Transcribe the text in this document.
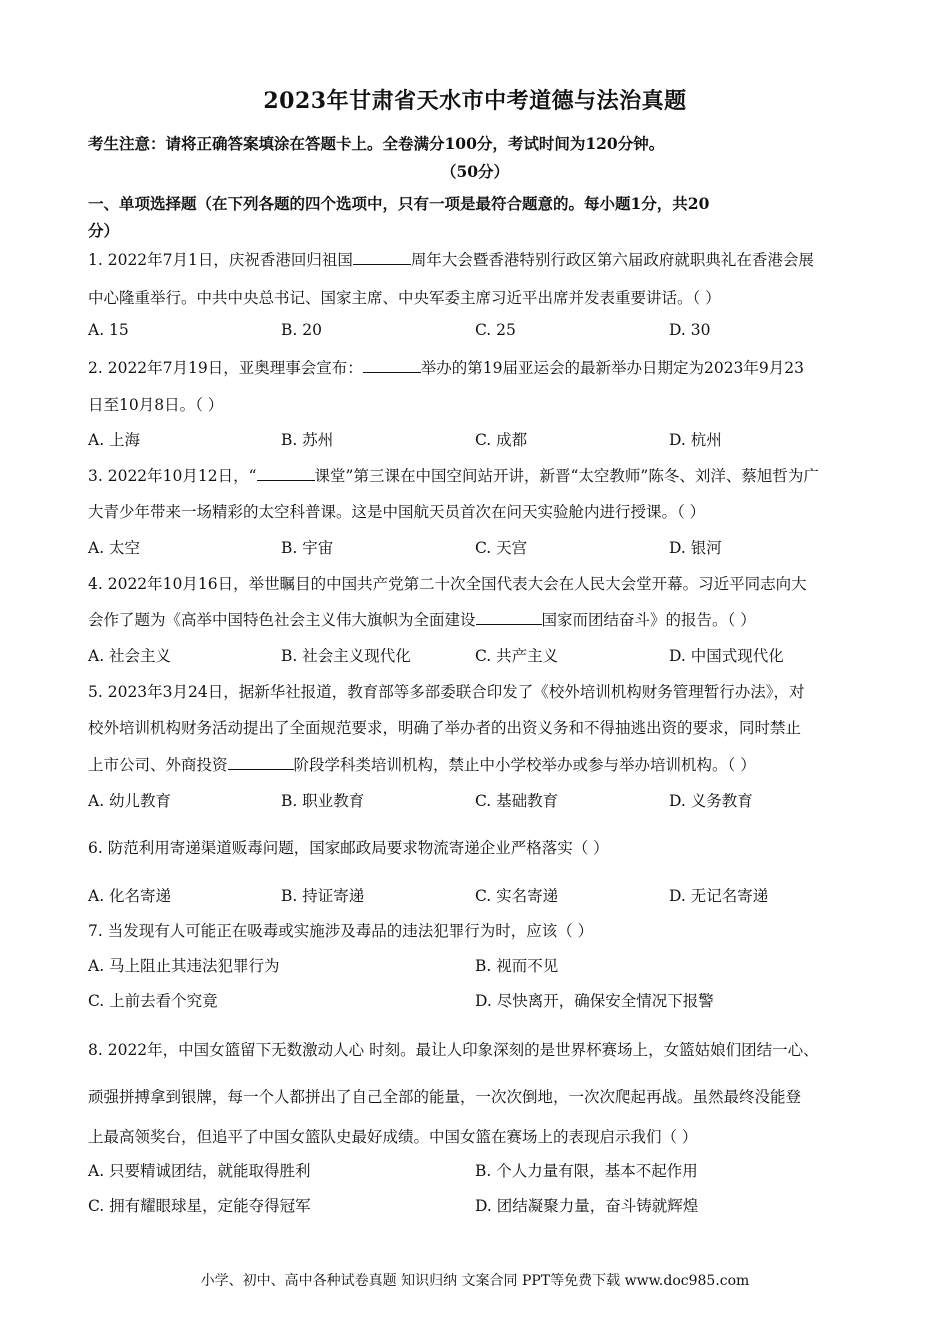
2023年甘肃省天水市中考道德与法治真题
考生注意：请将正确答案填涂在答题卡上。全卷满分100分，考试时间为120分钟。
（50分）
一、单项选择题（在下列各题的四个选项中，只有一项是最符合题意的。每小题1分，共20
分）
1. 2022年7月1日，庆祝香港回归祖国	周年大会暨香港特别行政区第六届政府就职典礼在香港会展
中心隆重举行。中共中央总书记、国家主席、中央军委主席习近平出席并发表重要讲话。（ ）
A. 15	B. 20	C. 25	D. 30
2. 2022年7月19日，亚奥理事会宣布：	举办的第19届亚运会的最新举办日期定为2023年9月23
日至10月8日。（ ）
A. 上海	B. 苏州	C. 成都	D. 杭州
3. 2022年10月12日，“	课堂”第三课在中国空间站开讲，新晋“太空教师”陈冬、刘洋、蔡旭哲为广
大青少年带来一场精彩的太空科普课。这是中国航天员首次在问天实验舱内进行授课。（ ）
A. 太空	B. 宇宙	C. 天宫	D. 银河
4. 2022年10月16日，举世瞩目的中国共产党第二十次全国代表大会在人民大会堂开幕。习近平同志向大
会作了题为《高举中国特色社会主义伟大旗帜为全面建设	国家而团结奋斗》的报告。（ ）
A. 社会主义	B. 社会主义现代化	C. 共产主义	D. 中国式现代化
5. 2023年3月24日，据新华社报道，教育部等多部委联合印发了《校外培训机构财务管理暂行办法》，对
校外培训机构财务活动提出了全面规范要求，明确了举办者的出资义务和不得抽逃出资的要求，同时禁止
上市公司、外商投资	阶段学科类培训机构，禁止中小学校举办或参与举办培训机构。（ ）
A. 幼儿教育	B. 职业教育	C. 基础教育	D. 义务教育
6. 防范利用寄递渠道贩毒问题，国家邮政局要求物流寄递企业严格落实（ ）
A. 化名寄递	B. 持证寄递	C. 实名寄递	D. 无记名寄递
7. 当发现有人可能正在吸毒或实施涉及毒品的违法犯罪行为时，应该（ ）
A. 马上阻止其违法犯罪行为	B. 视而不见
C. 上前去看个究竟	D. 尽快离开，确保安全情况下报警
8. 2022年，中国女篮留下无数激动人心 时刻。最让人印象深刻的是世界杯赛场上，女篮姑娘们团结一心、
顽强拼搏拿到银牌，每一个人都拼出了自己全部的能量，一次次倒地，一次次爬起再战。虽然最终没能登
上最高领奖台，但追平了中国女篮队史最好成绩。中国女篮在赛场上的表现启示我们（ ）
A. 只要精诚团结，就能取得胜利	B. 个人力量有限，基本不起作用
C. 拥有耀眼球星，定能夺得冠军	D. 团结凝聚力量，奋斗铸就辉煌
小学、初中、高中各种试卷真题 知识归纳 文案合同 PPT等免费下载 www.doc985.com
